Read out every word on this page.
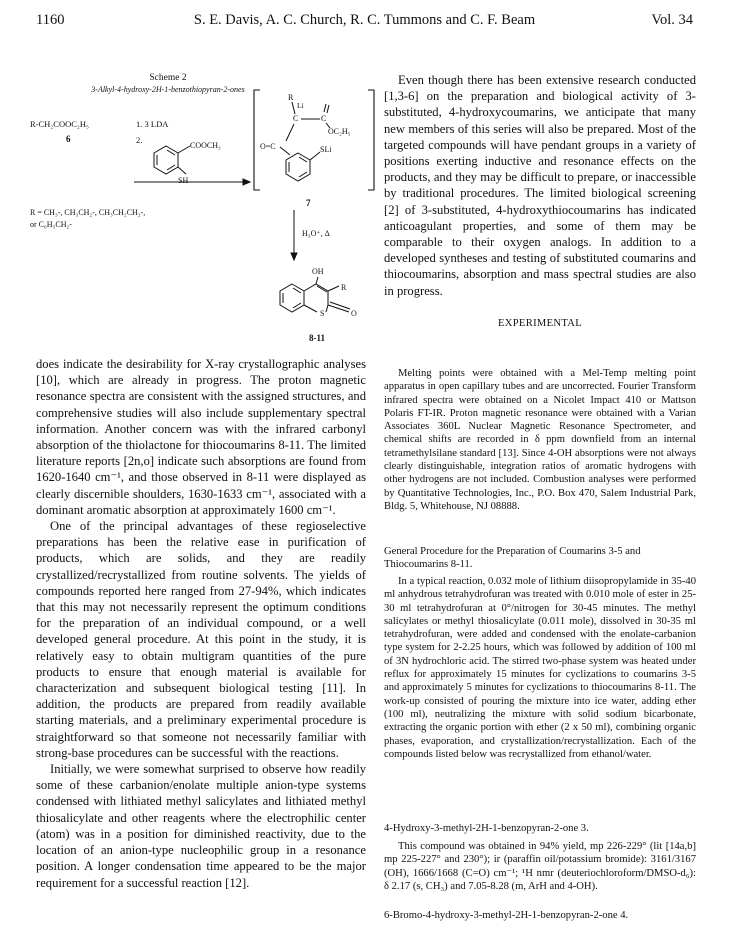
1160	S. E. Davis, A. C. Church, R. C. Tummons and C. F. Beam	Vol. 34
Scheme 2
3-Alkyl-4-hydroxy-2H-1-benzothiopyran-2-ones
R-CH₂COOC₂H₅
6
1. 3 LDA
2.
COOCH₃
SH
R = CH₃-, CH₃CH₂-, CH₃CH₂CH₂-,
or C₆H₅CH₂-
R
Li
C	C
OC₂H₅
O=C	SLi
7
H₃O⁺, Δ
OH
R
S	O
8-11

does indicate the desirability for X-ray crystallographic analyses [10], which are already in progress. The proton magnetic resonance spectra are consistent with the assigned structures, and comprehensive studies will also include supplementary spectral information. Another concern was with the infrared carbonyl absorption of the thiolactone for thiocoumarins 8-11. The limited literature reports [2n,o] indicate such absorptions are found from 1620-1640 cm⁻¹, and those observed in 8-11 were displayed as clearly discernible shoulders, 1630-1633 cm⁻¹, associated with a dominant aromatic absorption at approximately 1600 cm⁻¹.

One of the principal advantages of these regioselective preparations has been the relative ease in purification of products, which are solids, and they are readily crystallized/recrystallized from routine solvents. The yields of compounds reported here ranged from 27-94%, which indicates that this may not necessarily represent the optimum conditions for the preparation of an individual compound, or a well developed general procedure. At this point in the study, it is relatively easy to obtain multigram quantities of the pure products to ensure that enough material is available for characterization and subsequent biological testing [11]. In addition, the products are prepared from readily available starting materials, and a preliminary experimental procedure is straightforward so that someone not necessarily familiar with strong-base procedures can be successful with the reactions.

Initially, we were somewhat surprised to observe how readily some of these carbanion/enolate multiple anion-type systems condensed with lithiated methyl salicylates and lithiated methyl thiosalicylate and other reagents where the electrophilic center (atom) was in a position for diminished reactivity, due to the location of an anion-type nucleophilic group in a resonance position. A longer condensation time appeared to be the major requirement for a successful reaction [12].

Even though there has been extensive research conducted [1,3-6] on the preparation and biological activity of 3-substituted, 4-hydroxycoumarins, we anticipate that many new members of this series will also be prepared. Most of the targeted compounds will have pendant groups in a variety of positions exerting inductive and resonance effects on the products, and they may be difficult to prepare, or inaccessible by traditional procedures. The limited biological screening [2] of 3-substituted, 4-hydroxythiocoumarins has indicated anticoagulant properties, and some of them may be comparable to their oxygen analogs. In addition to a developed syntheses and testing of substituted coumarins and thiocoumarins, absorption and mass spectral studies are also in progress.
EXPERIMENTAL
Melting points were obtained with a Mel-Temp melting point apparatus in open capillary tubes and are uncorrected. Fourier Transform infrared spectra were obtained on a Nicolet Impact 410 or Mattson Polaris FT-IR. Proton magnetic resonance were obtained with a Varian Associates 360L Nuclear Magnetic Resonance Spectrometer, and chemical shifts are recorded in δ ppm downfield from an internal tetramethylsilane standard [13]. Since 4-OH absorptions were not always clearly distinguishable, integration ratios of aromatic hydrogens with other hydrogens are not included. Combustion analyses were performed by Quantitative Technologies, Inc., P.O. Box 470, Salem Industrial Park, Bldg. 5, Whitehouse, NJ 08888.
General Procedure for the Preparation of Coumarins 3-5 and Thiocoumarins 8-11.
In a typical reaction, 0.032 mole of lithium diisopropylamide in 35-40 ml anhydrous tetrahydrofuran was treated with 0.010 mole of ester in 25-30 ml tetrahydrofuran at 0°/nitrogen for 30-45 minutes. The methyl salicylates or methyl thiosalicylate (0.011 mole), dissolved in 30-35 ml tetrahydrofuran, were added and condensed with the enolate-carbanion type system for 2-2.25 hours, which was followed by addition of 100 ml of 3N hydrochloric acid. The stirred two-phase system was heated under reflux for approximately 15 minutes for cyclizations to coumarins 3-5 and approximately 5 minutes for cyclizations to thiocoumarins 8-11. The work-up consisted of pouring the mixture into ice water, adding ether (100 ml), neutralizing the mixture with solid sodium bicarbonate, extracting the organic portion with ether (2 x 50 ml), combining organic phases, evaporation, and crystallization/recrystallization. Each of the compounds listed below was recrystallized from ethanol/water.
4-Hydroxy-3-methyl-2H-1-benzopyran-2-one 3.
This compound was obtained in 94% yield, mp 226-229° (lit [14a,b] mp 225-227° and 230°); ir (paraffin oil/potassium bromide): 3161/3167 (OH), 1666/1668 (C=O) cm⁻¹; ¹H nmr (deuteriochloroform/DMSO-d₆): δ 2.17 (s, CH₃) and 7.05-8.28 (m, ArH and 4-OH).
6-Bromo-4-hydroxy-3-methyl-2H-1-benzopyran-2-one 4.
